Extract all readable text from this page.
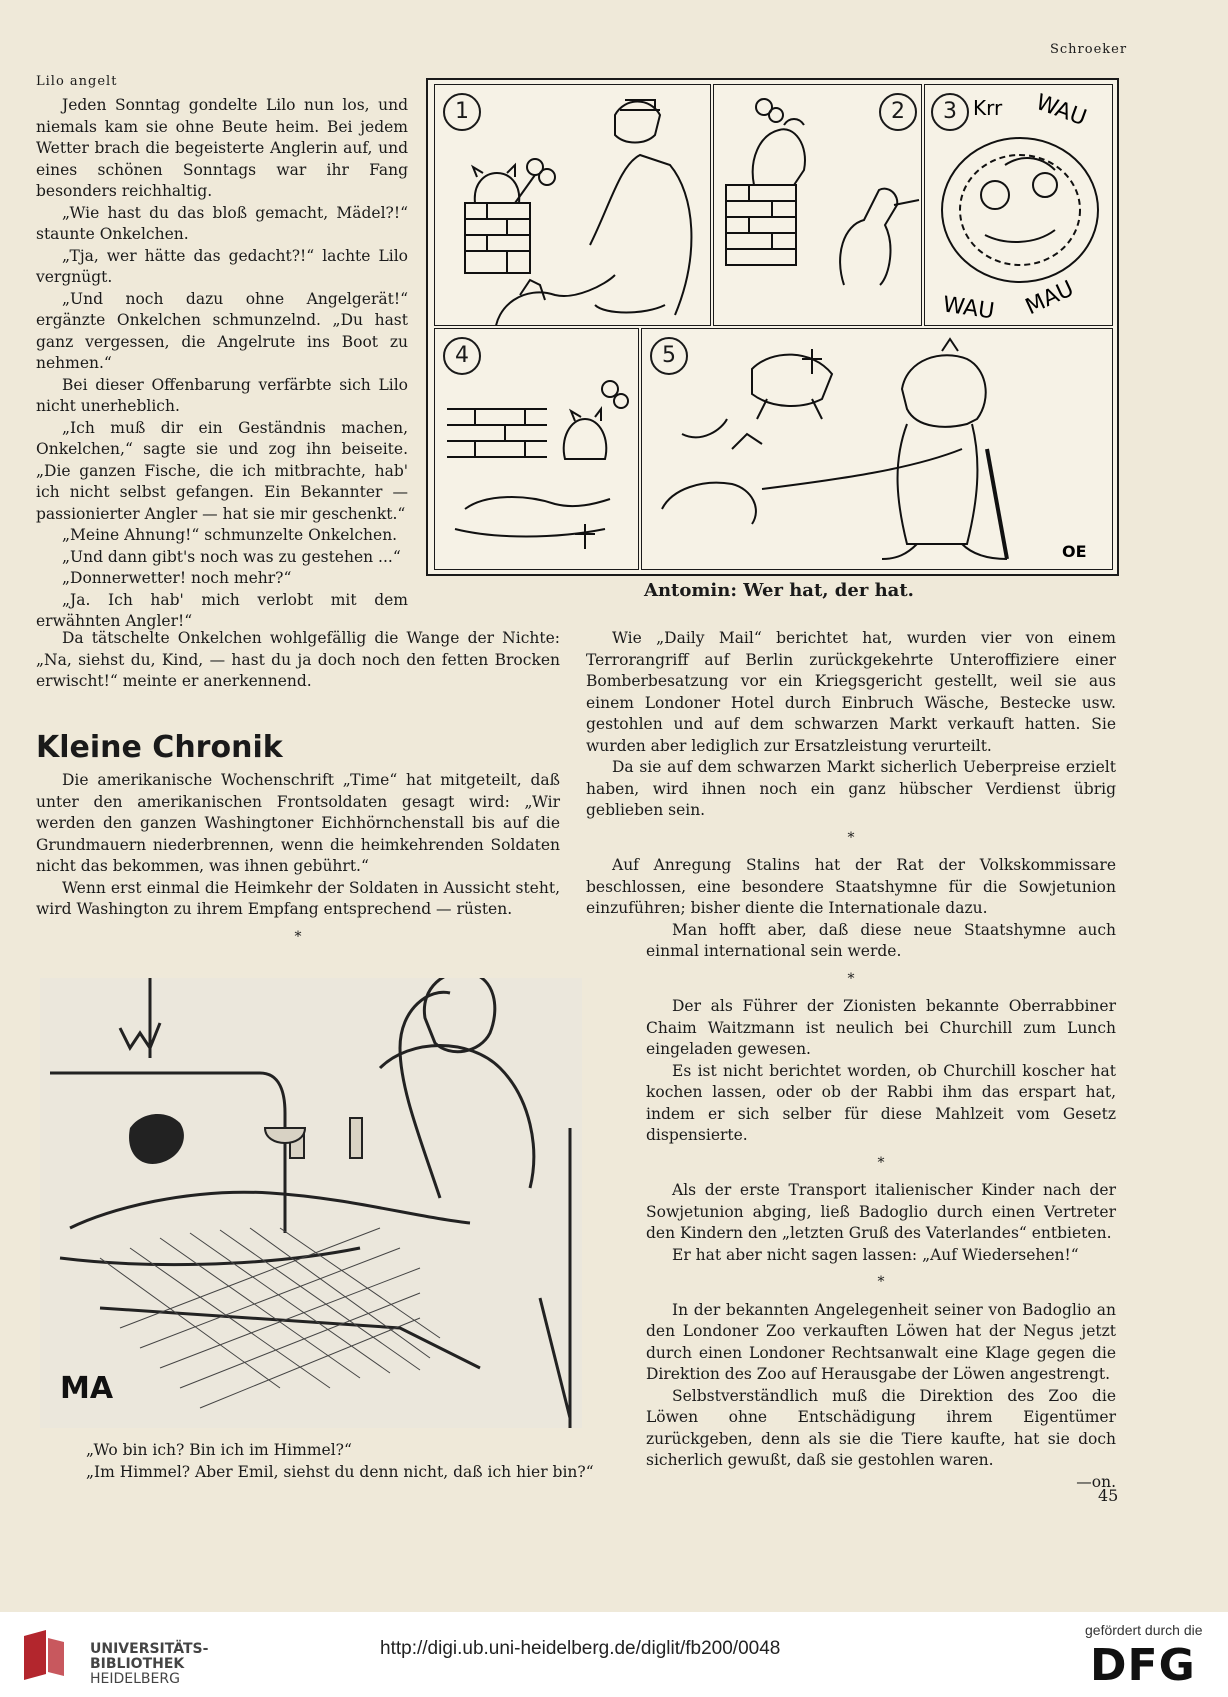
Schroeker
Lilo angelt

Jeden Sonntag gondelte Lilo nun los, und niemals kam sie ohne Beute heim. Bei jedem Wetter brach die begeisterte Anglerin auf, und eines schönen Sonntags war ihr Fang besonders reichhaltig.

„Wie hast du das bloß gemacht, Mädel?!“ staunte Onkelchen.

„Tja, wer hätte das gedacht?!“ lachte Lilo vergnügt.

„Und noch dazu ohne Angelgerät!“ ergänzte Onkelchen schmunzelnd. „Du hast ganz vergessen, die Angelrute ins Boot zu nehmen.“

Bei dieser Offenbarung verfärbte sich Lilo nicht unerheblich.

„Ich muß dir ein Geständnis machen, Onkelchen,“ sagte sie und zog ihn beiseite. „Die ganzen Fische, die ich mitbrachte, hab' ich nicht selbst gefangen. Ein Bekannter — passionierter Angler — hat sie mir geschenkt.“

„Meine Ahnung!“ schmunzelte Onkelchen.

„Und dann gibt's noch was zu gestehen ...“

„Donnerwetter! noch mehr?“

„Ja. Ich hab' mich verlobt mit dem erwähnten Angler!“

Da tätschelte Onkelchen wohlgefällig die Wange der Nichte: „Na, siehst du, Kind, — hast du ja doch noch den fetten Brocken erwischt!“ meinte er anerkennend.

1	2	3 Krr WAU
WAU MAU
4	5
OE
Antomin: Wer hat, der hat.
Kleine Chronik

Die amerikanische Wochenschrift „Time“ hat mitgeteilt, daß unter den amerikanischen Frontsoldaten gesagt wird: „Wir werden den ganzen Washingtoner Eichhörnchenstall bis auf die Grundmauern niederbrennen, wenn die heimkehrenden Soldaten nicht das bekommen, was ihnen gebührt.“

Wenn erst einmal die Heimkehr der Soldaten in Aussicht steht, wird Washington zu ihrem Empfang entsprechend — rüsten.

*

Wie „Daily Mail“ berichtet hat, wurden vier von einem Terrorangriff auf Berlin zurückgekehrte Unteroffiziere einer Bomberbesatzung vor ein Kriegsgericht gestellt, weil sie aus einem Londoner Hotel durch Einbruch Wäsche, Bestecke usw. gestohlen und auf dem schwarzen Markt verkauft hatten. Sie wurden aber lediglich zur Ersatzleistung verurteilt.

Da sie auf dem schwarzen Markt sicherlich Ueberpreise erzielt haben, wird ihnen noch ein ganz hübscher Verdienst übrig geblieben sein.

*

Auf Anregung Stalins hat der Rat der Volkskommissare beschlossen, eine besondere Staatshymne für die Sowjetunion einzuführen; bisher diente die Internationale dazu.

Man hofft aber, daß diese neue Staatshymne auch einmal international sein werde.

*

Der als Führer der Zionisten bekannte Oberrabbiner Chaim Waitzmann ist neulich bei Churchill zum Lunch eingeladen gewesen.

Es ist nicht berichtet worden, ob Churchill koscher hat kochen lassen, oder ob der Rabbi ihm das erspart hat, indem er sich selber für diese Mahlzeit vom Gesetz dispensierte.

*

Als der erste Transport italienischer Kinder nach der Sowjetunion abging, ließ Badoglio durch einen Vertreter den Kindern den „letzten Gruß des Vaterlandes“ entbieten.

Er hat aber nicht sagen lassen: „Auf Wiedersehen!“

*

In der bekannten Angelegenheit seiner von Badoglio an den Londoner Zoo verkauften Löwen hat der Negus jetzt durch einen Londoner Rechtsanwalt eine Klage gegen die Direktion des Zoo auf Herausgabe der Löwen angestrengt.

Selbstverständlich muß die Direktion des Zoo die Löwen ohne Entschädigung ihrem Eigentümer zurückgeben, denn als sie die Tiere kaufte, hat sie doch sicherlich gewußt, daß sie gestohlen waren.

—on.
MA

„Wo bin ich? Bin ich im Himmel?“

„Im Himmel? Aber Emil, siehst du denn nicht, daß ich hier bin?“

45
UNIVERSITÄTS-
BIBLIOTHEK
HEIDELBERG
http://digi.ub.uni-heidelberg.de/diglit/fb200/0048
gefördert durch die
DFG
